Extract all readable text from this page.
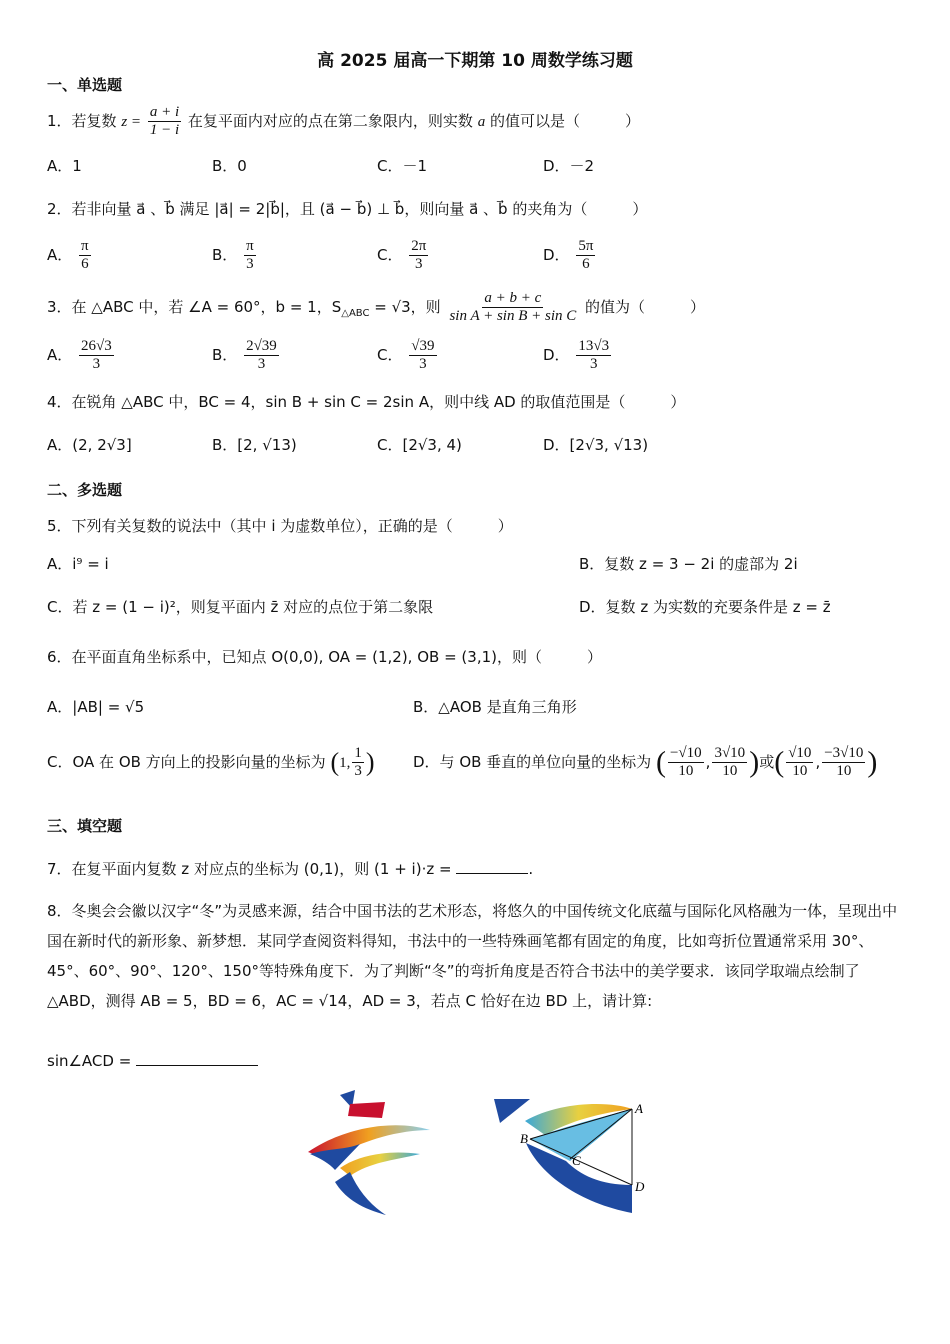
高 2025 届高一下期第 10 周数学练习题
一、单选题
1．若复数 $z = \frac{a + i}{1 - i}$ 在复平面内对应的点在第二象限内，则实数 a 的值可以是（　　　）
A．1	B．0	C．－1	D．－2
2．若非向量 a⃗ 、b⃗ 满足 |a⃗| = 2|b⃗|，且 (a⃗ − b⃗) ⊥ b⃗，则向量 a⃗ 、b⃗ 的夹角为（　　　）
A． $\frac{\pi}{6}$	B． $\frac{\pi}{3}$	C． $\frac{2\pi}{3}$	D． $\frac{5\pi}{6}$
3．在 △ABC 中，若 ∠A = 60°，b = 1，$S_{\triangle ABC} = √3$，则 $\frac{a + b + c}{\text{sin A + sin B + sin C}}$ 的值为（　　　）
A． $\frac{26√3}{3}$	B． $\frac{2√39}{3}$	C． $\frac{√39}{3}$	D． $\frac{13√3}{3}$
4．在锐角 △ABC 中，BC = 4，sin B + sin C = 2sin A，则中线 AD 的取值范围是（　　　）
A．(2, 2√3]	B．[2, √13)	C．[2√3, 4)	D．[2√3, √13)
二、多选题
5．下列有关复数的说法中（其中 i 为虚数单位），正确的是（　　　）
A．i⁹ = i	B．复数 z = 3 − 2i 的虚部为 2i
C．若 z = (1 − i)²，则复平面内 z̄ 对应的点位于第二象限	D．复数 z 为实数的充要条件是 z = z̄
6．在平面直角坐标系中，已知点 O(0,0), OA = (1,2), OB = (3,1)，则（　　　）
A．|AB| = √5	B．△AOB 是直角三角形
C．OA 在 OB 方向上的投影向量的坐标为 (1, $\frac{1}{3}$ )	D．与 OB 垂直的单位向量的坐标为 ( $\frac{-√10}{10}$ , $\frac{3√10}{10}$ )或( $\frac{√10}{10}$ , $\frac{-3√10}{10}$ )
三、填空题
7．在复平面内复数 z 对应点的坐标为 (0,1)，则 (1 + i)·z =	.
8．冬奥会会徽以汉字“冬”为灵感来源，结合中国书法的艺术形态，将悠久的中国传统文化底蕴与国际化风格融为一体，呈现出中国在新时代的新形象、新梦想．某同学查阅资料得知，书法中的一些特殊画笔都有固定的角度，比如弯折位置通常采用 30°、45°、60°、90°、120°、150°等特殊角度下．为了判断“冬”的弯折角度是否符合书法中的美学要求．该同学取端点绘制了 △ABD，测得 AB = 5，BD = 6，AC = √14，AD = 3，若点 C 恰好在边 BD 上，请计算:
sin∠ACD =
A
B
C
D
